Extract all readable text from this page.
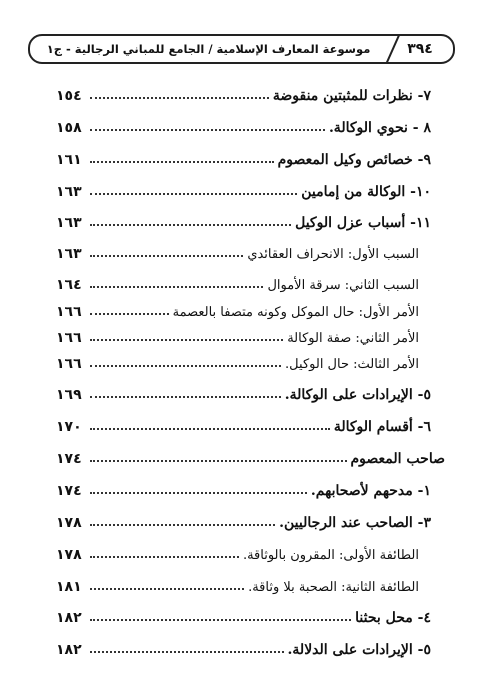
٣٩٤
موسوعة المعارف الإسلامية / الجامع للمباني الرجالية - ج١
٧- نظرات للمثبتين منقوضة
١٥٤
٨ - نحوي الوكالة.
١٥٨
٩- خصائص وكيل المعصوم
١٦١
١٠- الوكالة من إمامين
١٦٣
١١- أسباب عزل الوكيل
١٦٣
السبب الأول: الانحراف العقائدي
١٦٣
السبب الثاني: سرقة الأموال
١٦٤
الأمر الأول: حال الموكل وكونه متصفا بالعصمة
١٦٦
الأمر الثاني: صفة الوكالة
١٦٦
الأمر الثالث: حال الوكيل.
١٦٦
٥- الإيرادات على الوكالة.
١٦٩
٦- أقسام الوكالة
١٧٠
صاحب المعصوم
١٧٤
١- مدحهم لأصحابهم.
١٧٤
٣- الصاحب عند الرجاليين.
١٧٨
الطائفة الأولى: المقرون بالوثاقة.
١٧٨
الطائفة الثانية: الصحبة بلا وثاقة.
١٨١
٤- محل بحثنا
١٨٢
٥- الإيرادات على الدلالة.
١٨٢
